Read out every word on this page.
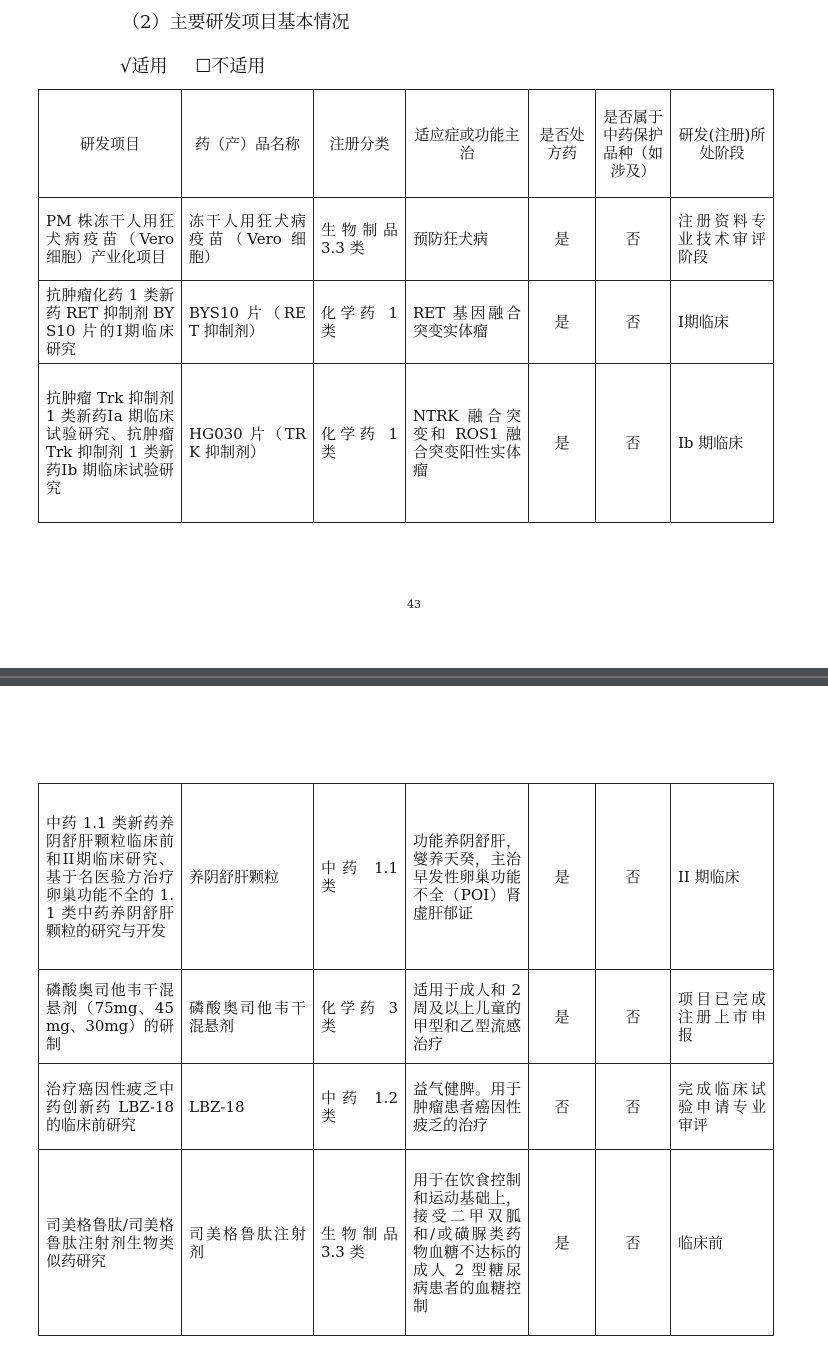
（2）主要研发项目基本情况
√适用 ☐不适用
研发项目	药（产）品名称	注册分类	适应症或功能主治	是否处方药	是否属于中药保护品种（如涉及）	研发(注册)所处阶段
PM 株冻干人用狂犬病疫苗（Vero 细胞）产业化项目	冻干人用狂犬病疫苗（Vero 细胞）	生物制品 3.3 类	预防狂犬病	是	否	注册资料专业技术审评阶段
抗肿瘤化药 1 类新药 RET 抑制剂 BYS10 片的Ⅰ期临床研究	BYS10 片（RET 抑制剂）	化学药 1 类	RET 基因融合突变实体瘤	是	否	Ⅰ期临床
抗肿瘤 Trk 抑制剂 1 类新药Ⅰa 期临床试验研究、抗肿瘤 Trk 抑制剂 1 类新药Ⅰb 期临床试验研究	HG030 片（TRK 抑制剂）	化学药 1 类	NTRK 融合突变和 ROS1 融合突变阳性实体瘤	是	否	Ib 期临床
43
中药 1.1 类新药养阴舒肝颗粒临床前和II期临床研究、基于名医验方治疗卵巢功能不全的 1.1 类中药养阴舒肝颗粒的研究与开发	养阴舒肝颗粒	中药 1.1 类	功能养阴舒肝，燮养天癸，主治早发性卵巢功能不全（POI）肾虚肝郁证	是	否	II 期临床
磷酸奥司他韦干混悬剂（75mg、45mg、30mg）的研制	磷酸奥司他韦干混悬剂	化学药 3 类	适用于成人和 2 周及以上儿童的甲型和乙型流感治疗	是	否	项目已完成注册上市申报
治疗癌因性疲乏中药创新药 LBZ-18 的临床前研究	LBZ-18	中药 1.2 类	益气健脾。用于肿瘤患者癌因性疲乏的治疗	否	否	完成临床试验申请专业审评
司美格鲁肽/司美格鲁肽注射剂生物类似药研究	司美格鲁肽注射剂	生物制品 3.3 类	用于在饮食控制和运动基础上，接受二甲双胍和/或磺脲类药物血糖不达标的成人 2 型糖尿病患者的血糖控制	是	否	临床前
